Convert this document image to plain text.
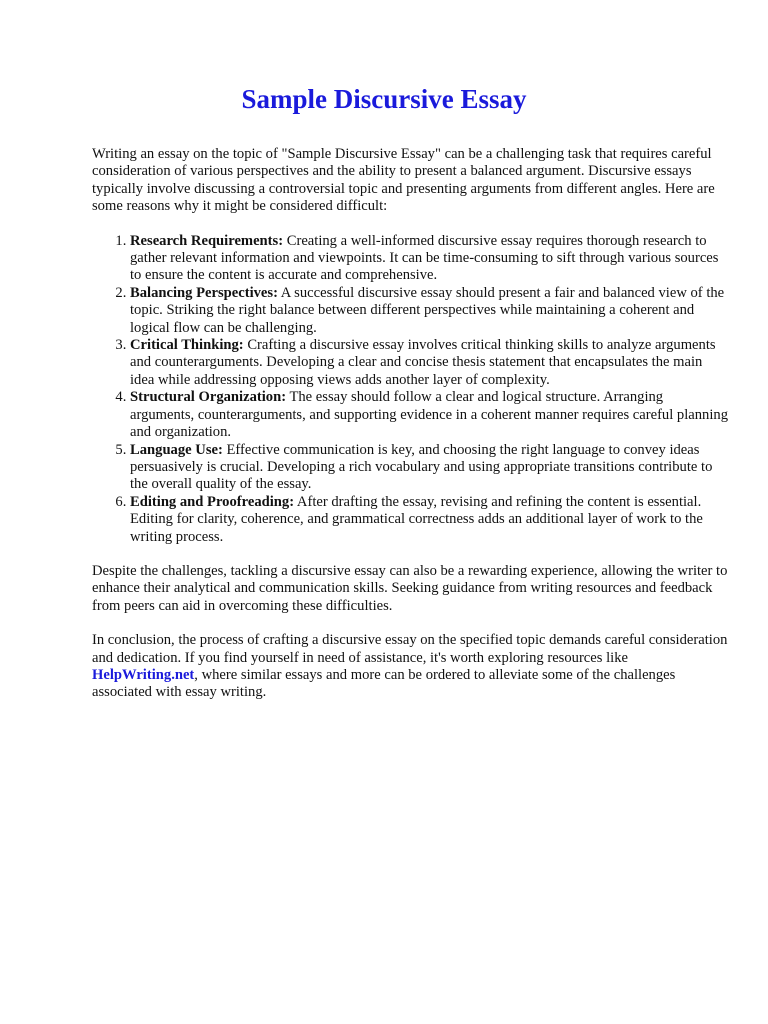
Sample Discursive Essay

Writing an essay on the topic of "Sample Discursive Essay" can be a challenging task that requires careful consideration of various perspectives and the ability to present a balanced argument. Discursive essays typically involve discussing a controversial topic and presenting arguments from different angles. Here are some reasons why it might be considered difficult:

1. Research Requirements: Creating a well-informed discursive essay requires thorough research to gather relevant information and viewpoints. It can be time-consuming to sift through various sources to ensure the content is accurate and comprehensive.
2. Balancing Perspectives: A successful discursive essay should present a fair and balanced view of the topic. Striking the right balance between different perspectives while maintaining a coherent and logical flow can be challenging.
3. Critical Thinking: Crafting a discursive essay involves critical thinking skills to analyze arguments and counterarguments. Developing a clear and concise thesis statement that encapsulates the main idea while addressing opposing views adds another layer of complexity.
4. Structural Organization: The essay should follow a clear and logical structure. Arranging arguments, counterarguments, and supporting evidence in a coherent manner requires careful planning and organization.
5. Language Use: Effective communication is key, and choosing the right language to convey ideas persuasively is crucial. Developing a rich vocabulary and using appropriate transitions contribute to the overall quality of the essay.
6. Editing and Proofreading: After drafting the essay, revising and refining the content is essential. Editing for clarity, coherence, and grammatical correctness adds an additional layer of work to the writing process.

Despite the challenges, tackling a discursive essay can also be a rewarding experience, allowing the writer to enhance their analytical and communication skills. Seeking guidance from writing resources and feedback from peers can aid in overcoming these difficulties.

In conclusion, the process of crafting a discursive essay on the specified topic demands careful consideration and dedication. If you find yourself in need of assistance, it's worth exploring resources like HelpWriting.net, where similar essays and more can be ordered to alleviate some of the challenges associated with essay writing.
